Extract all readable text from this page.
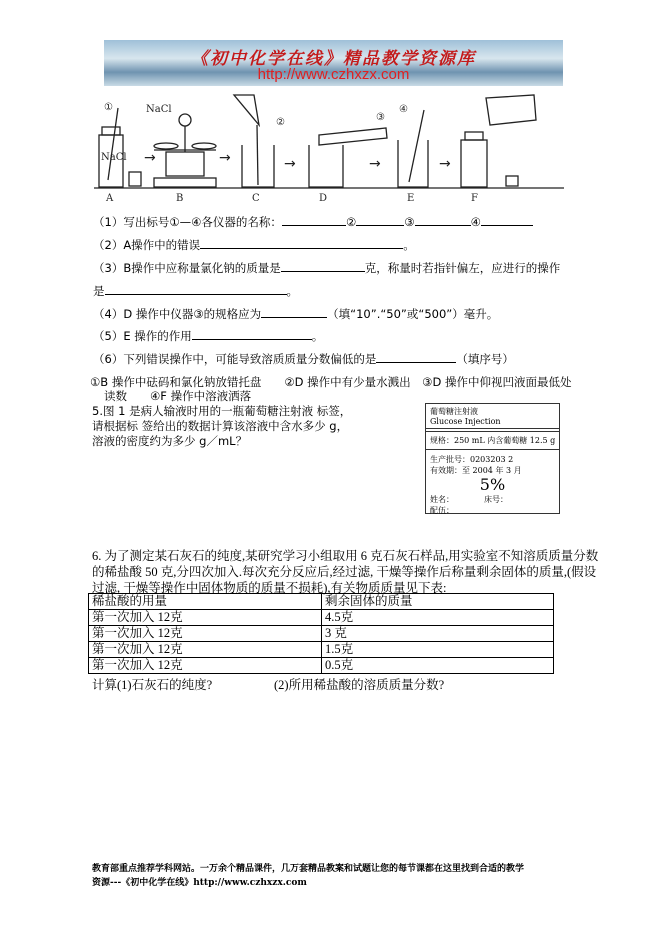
《初中化学在线》精品教学资源库
http://www.czhxzx.com
NaCl
NaCl
①
②	③
④
A	B	C	D	E	F
→	→	→	→	→
（1）写出标号①—④各仪器的名称：	②	③	④
（2）A操作中的错误	。
（3）B操作中应称量氯化钠的质量是	克，称量时若指针偏左，应进行的操作
是	。
（4）D 操作中仪器③的规格应为	（填“10”.“50”或“500”）毫升。
（5）E 操作的作用	。
（6）下列错误操作中，可能导致溶质质量分数偏低的是	（填序号）
①B 操作中砝码和氯化钠放错托盘　　②D 操作中有少量水溅出　③D 操作中仰视凹液面最低处
读数　　④F 操作中溶液洒落
5.图 1 是病人输液时用的一瓶葡萄糖注射液 标签，
请根据标 签给出的数据计算该溶液中含水多少 g，
溶液的密度约为多少 g／mL？
葡萄糖注射液
Glucose Injection
规格：250 mL 内含葡萄糖 12.5 g
生产批号：0203203 2
有效期：至 2004 年 3 月
5%
姓名：	床号：
配伍：
6. 为了测定某石灰石的纯度,某研究学习小组取用 6 克石灰石样品,用实验室不知溶质质量分数
的稀盐酸 50 克,分四次加入.每次充分反应后,经过滤, 干燥等操作后称量剩余固体的质量,(假设
过滤, 干燥等操作中固体物质的质量不损耗),有关物质质量见下表:
稀盐酸的用量	剩余固体的质量
第一次加入 12克	4.5克
第一次加入 12克	3 克
第一次加入 12克	1.5克
第一次加入 12克	0.5克
计算(1)石灰石的纯度?	(2)所用稀盐酸的溶质质量分数?
教育部重点推荐学科网站。一万余个精品课件，几万套精品教案和试题让您的每节课都在这里找到合适的教学
资源---《初中化学在线》http://www.czhxzx.com
